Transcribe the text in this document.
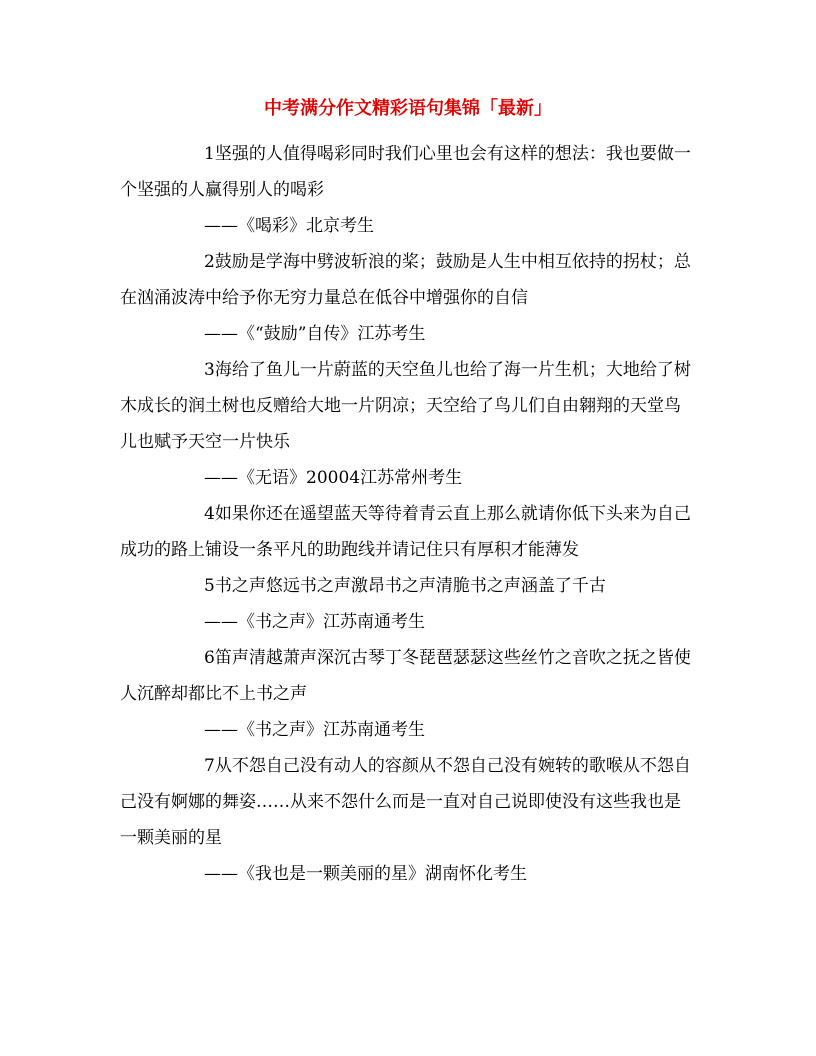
中考满分作文精彩语句集锦「最新」

1坚强的人值得喝彩同时我们心里也会有这样的想法：我也要做一个坚强的人赢得别人的喝彩

——《喝彩》北京考生

2鼓励是学海中劈波斩浪的桨；鼓励是人生中相互依持的拐杖；总在汹涌波涛中给予你无穷力量总在低谷中增强你的自信

——《“鼓励”自传》江苏考生

3海给了鱼儿一片蔚蓝的天空鱼儿也给了海一片生机；大地给了树木成长的润土树也反赠给大地一片阴凉；天空给了鸟儿们自由翱翔的天堂鸟儿也赋予天空一片快乐

——《无语》20004江苏常州考生

4如果你还在遥望蓝天等待着青云直上那么就请你低下头来为自己成功的路上铺设一条平凡的助跑线并请记住只有厚积才能薄发

5书之声悠远书之声激昂书之声清脆书之声涵盖了千古

——《书之声》江苏南通考生

6笛声清越萧声深沉古琴丁冬琵琶瑟瑟这些丝竹之音吹之抚之皆使人沉醉却都比不上书之声

——《书之声》江苏南通考生

7从不怨自己没有动人的容颜从不怨自己没有婉转的歌喉从不怨自己没有婀娜的舞姿……从来不怨什么而是一直对自己说即使没有这些我也是一颗美丽的星

——《我也是一颗美丽的星》湖南怀化考生
